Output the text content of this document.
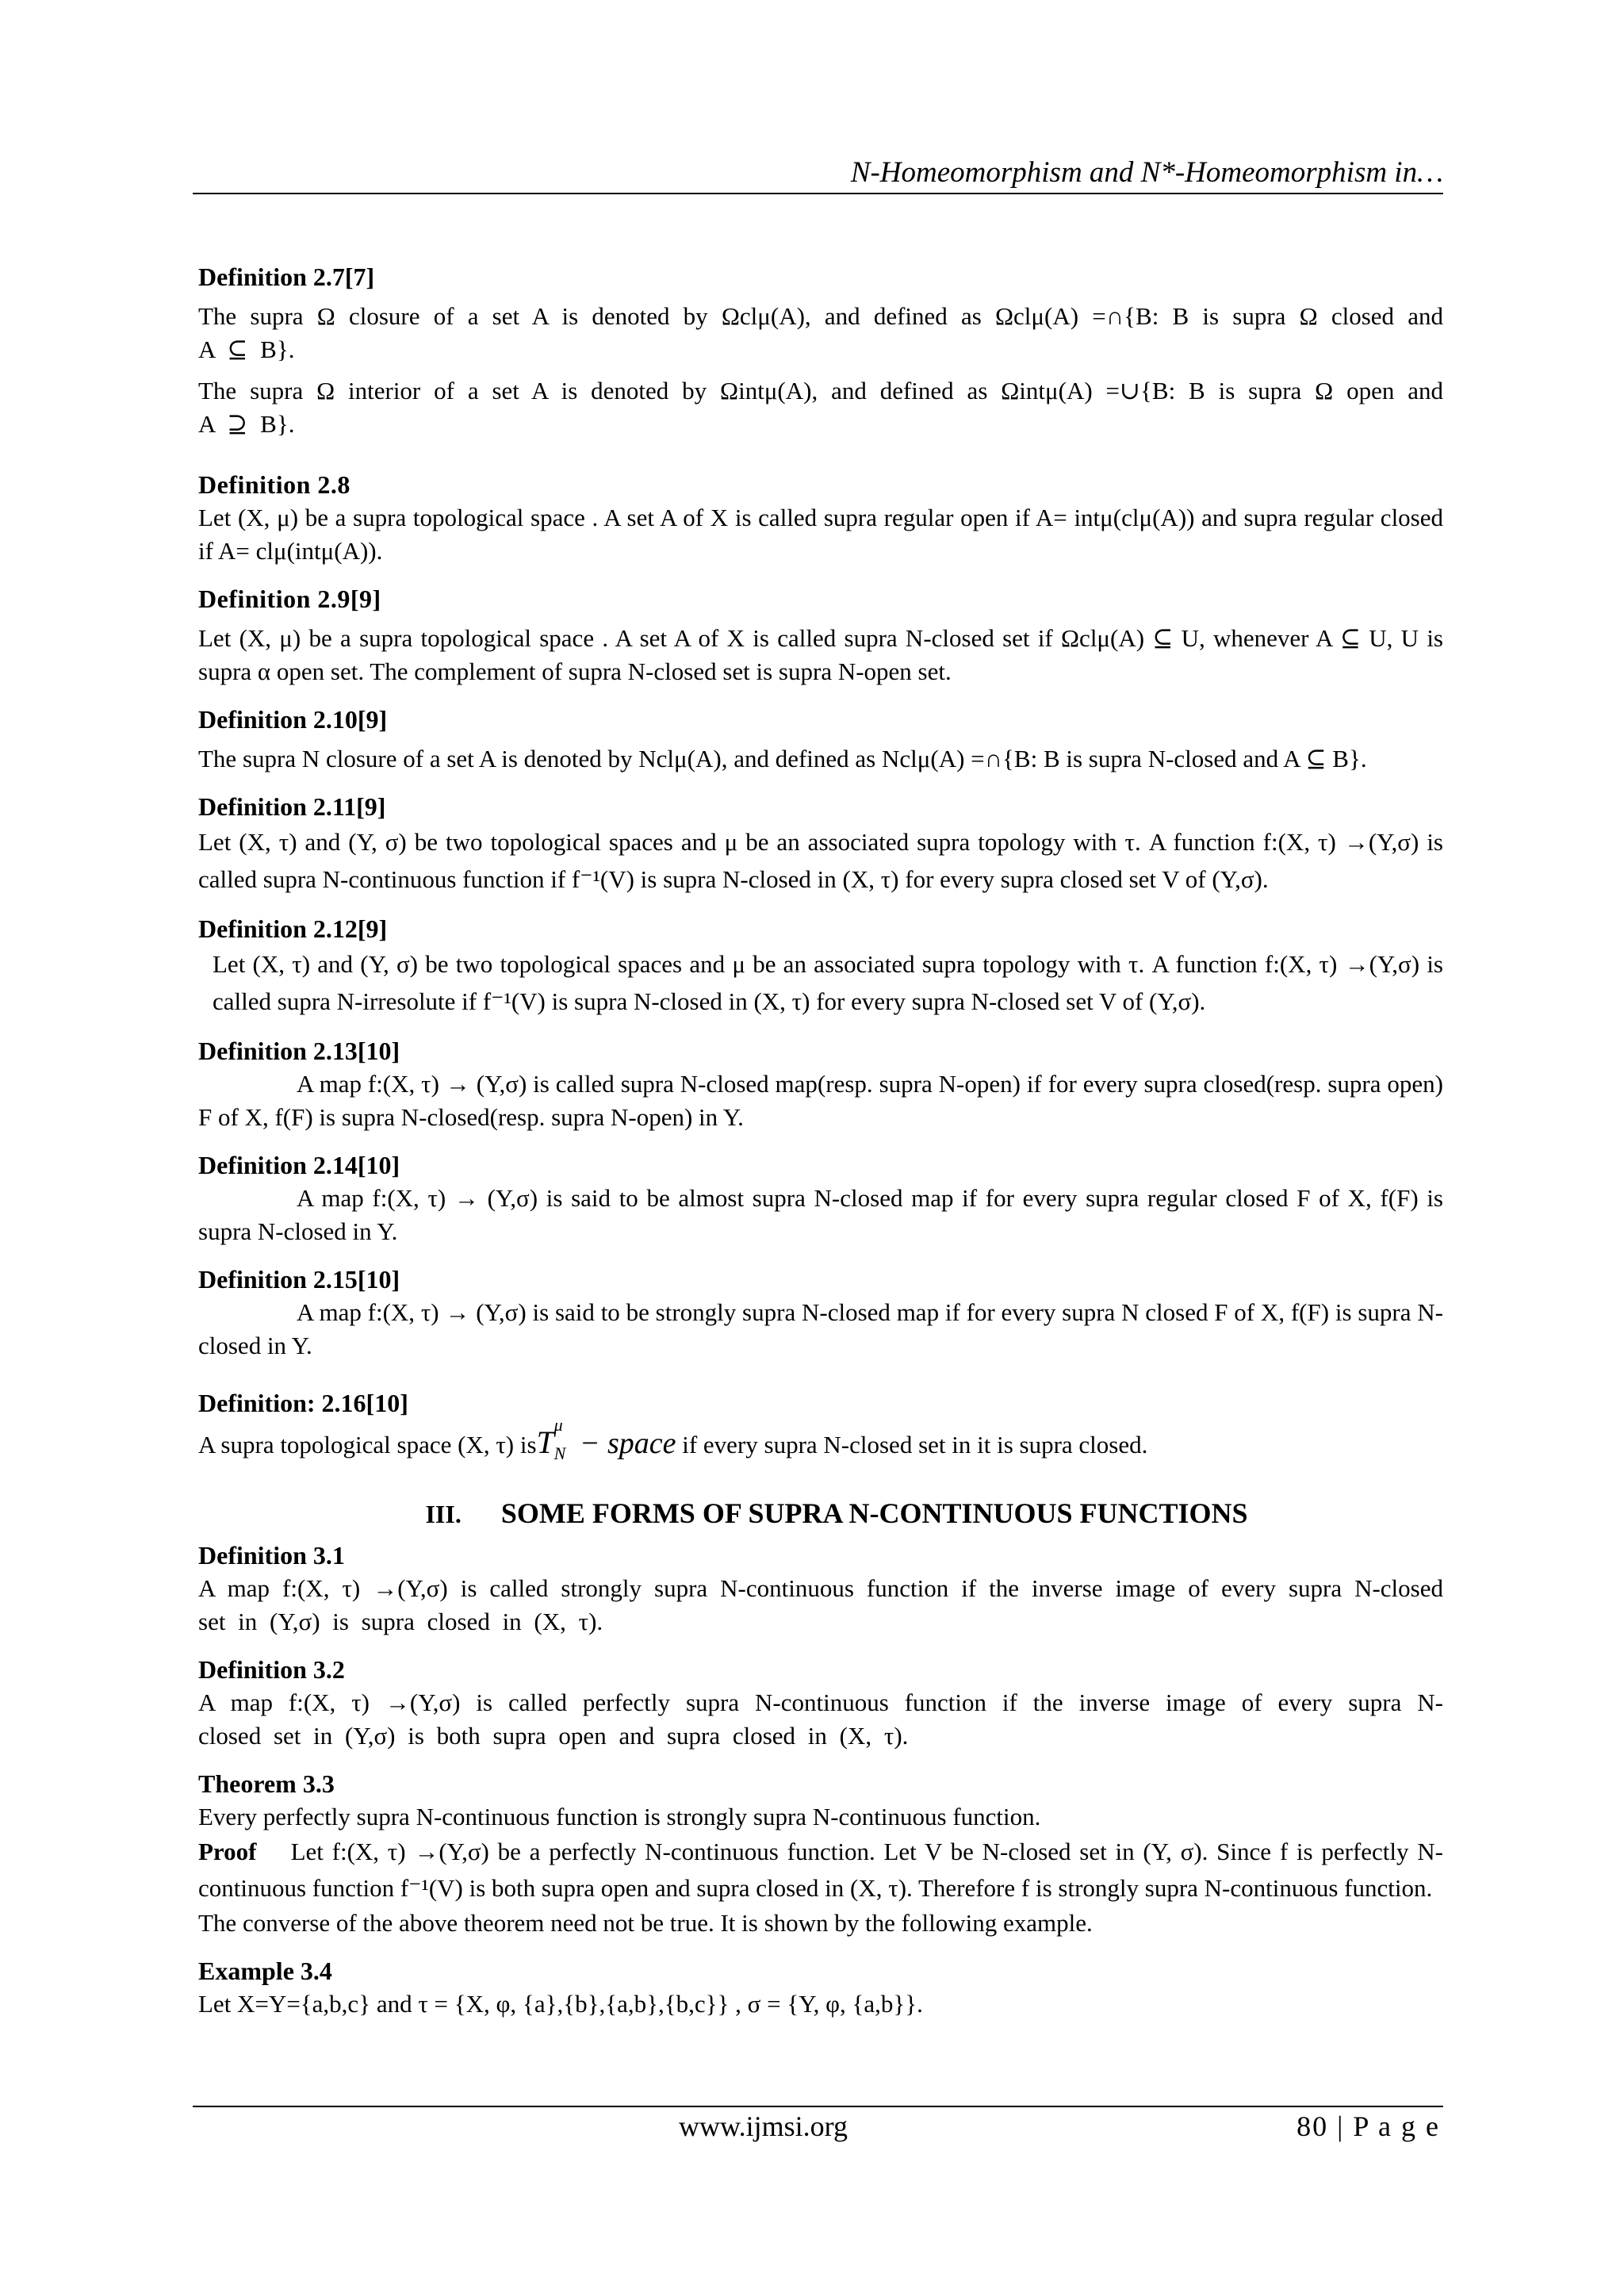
N-Homeomorphism and N*-Homeomorphism in…
Definition 2.7[7]

The supra Ω closure of a set A is denoted by Ωclμ(A), and defined as Ωclμ(A) =∩{B: B is supra Ω closed and A ⊆ B}.

The supra Ω interior of a set A is denoted by Ωintμ(A), and defined as Ωintμ(A) =∪{B: B is supra Ω open and A ⊇ B}.

Definition 2.8

Let (X, μ) be a supra topological space . A set A of X is called supra regular open if A= intμ(clμ(A)) and supra regular closed if A= clμ(intμ(A)).

Definition 2.9[9]

Let (X, μ) be a supra topological space . A set A of X is called supra N-closed set if Ωclμ(A) ⊆ U, whenever A ⊆ U, U is supra α open set. The complement of supra N-closed set is supra N-open set.

Definition 2.10[9]

The supra N closure of a set A is denoted by Nclμ(A), and defined as Nclμ(A) =∩{B: B is supra N-closed and A ⊆ B}.

Definition 2.11[9]

Let (X, τ) and (Y, σ) be two topological spaces and μ be an associated supra topology with τ. A function f:(X, τ) →(Y,σ) is called supra N-continuous function if f⁻¹(V) is supra N-closed in (X, τ) for every supra closed set V of (Y,σ).

Definition 2.12[9]

Let (X, τ) and (Y, σ) be two topological spaces and μ be an associated supra topology with τ. A function f:(X, τ) →(Y,σ) is called supra N-irresolute if f⁻¹(V) is supra N-closed in (X, τ) for every supra N-closed set V of (Y,σ).

Definition 2.13[10]

A map f:(X, τ) → (Y,σ) is called supra N-closed map(resp. supra N-open) if for every supra closed(resp. supra open) F of X, f(F) is supra N-closed(resp. supra N-open) in Y.

Definition 2.14[10]

A map f:(X, τ) → (Y,σ) is said to be almost supra N-closed map if for every supra regular closed F of X, f(F) is supra N-closed in Y.

Definition 2.15[10]

A map f:(X, τ) → (Y,σ) is said to be strongly supra N-closed map if for every supra N closed F of X, f(F) is supra N-closed in Y.

Definition: 2.16[10]

A supra topological space (X, τ) isT μ
N − space if every supra N-closed set in it is supra closed.

III. SOME FORMS OF SUPRA N-CONTINUOUS FUNCTIONS
Definition 3.1

A map f:(X, τ) →(Y,σ) is called strongly supra N-continuous function if the inverse image of every supra N-closed set in (Y,σ) is supra closed in (X, τ).

Definition 3.2

A map f:(X, τ) →(Y,σ) is called perfectly supra N-continuous function if the inverse image of every supra N-closed set in (Y,σ) is both supra open and supra closed in (X, τ).

Theorem 3.3

Every perfectly supra N-continuous function is strongly supra N-continuous function.

Proof Let f:(X, τ) →(Y,σ) be a perfectly N-continuous function. Let V be N-closed set in (Y, σ). Since f is perfectly N-continuous function f⁻¹(V) is both supra open and supra closed in (X, τ). Therefore f is strongly supra N-continuous function.

The converse of the above theorem need not be true. It is shown by the following example.

Example 3.4

Let X=Y={a,b,c} and τ = {X, φ, {a},{b},{a,b},{b,c}} , σ = {Y, φ, {a,b}}.

www.ijmsi.org	80 | P a g e
